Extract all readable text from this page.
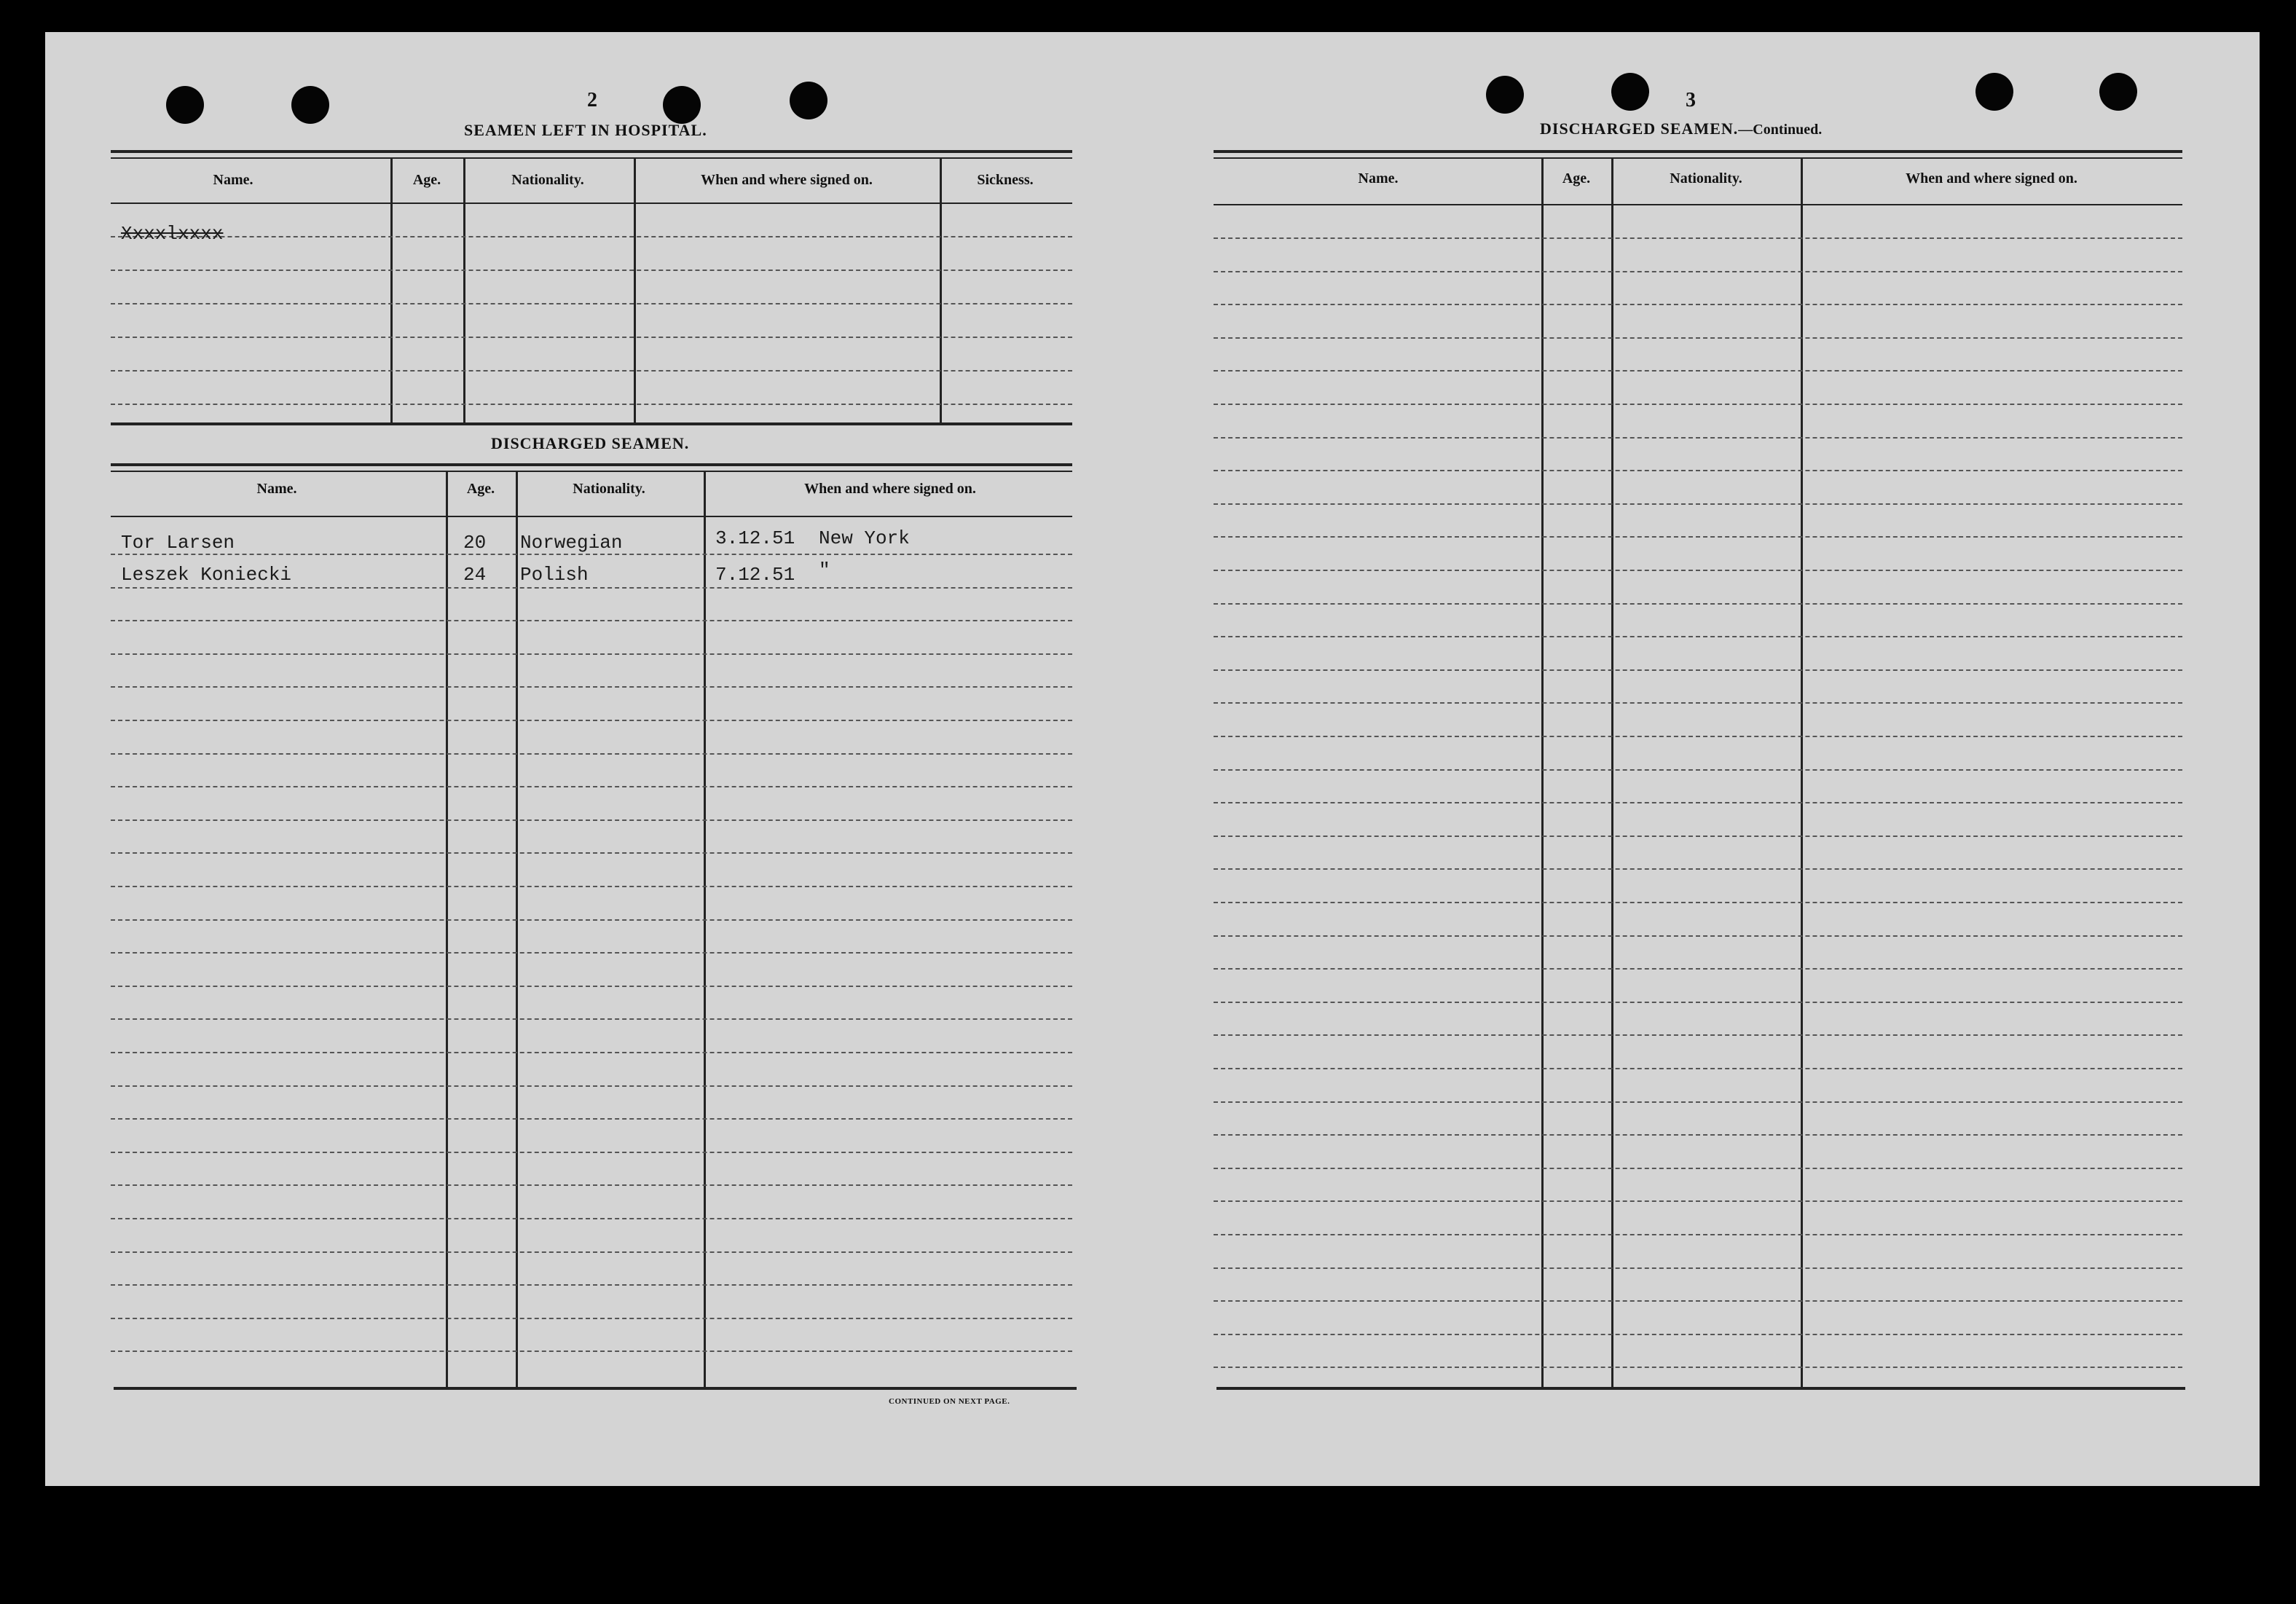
2
SEAMEN LEFT IN HOSPITAL.
Name.	Age.	Nationality.	When and where signed on.	Sickness.
Xxxxlxxxx
DISCHARGED SEAMEN.
Name.	Age.	Nationality.	When and where signed on.
Tor Larsen	20 Norwegian	3.12.51 New York
Leszek Koniecki	24 Polish	7.12.51 "
CONTINUED ON NEXT PAGE.
3
DISCHARGED SEAMEN.—Continued.
Name.	Age.	Nationality.	When and where signed on.
